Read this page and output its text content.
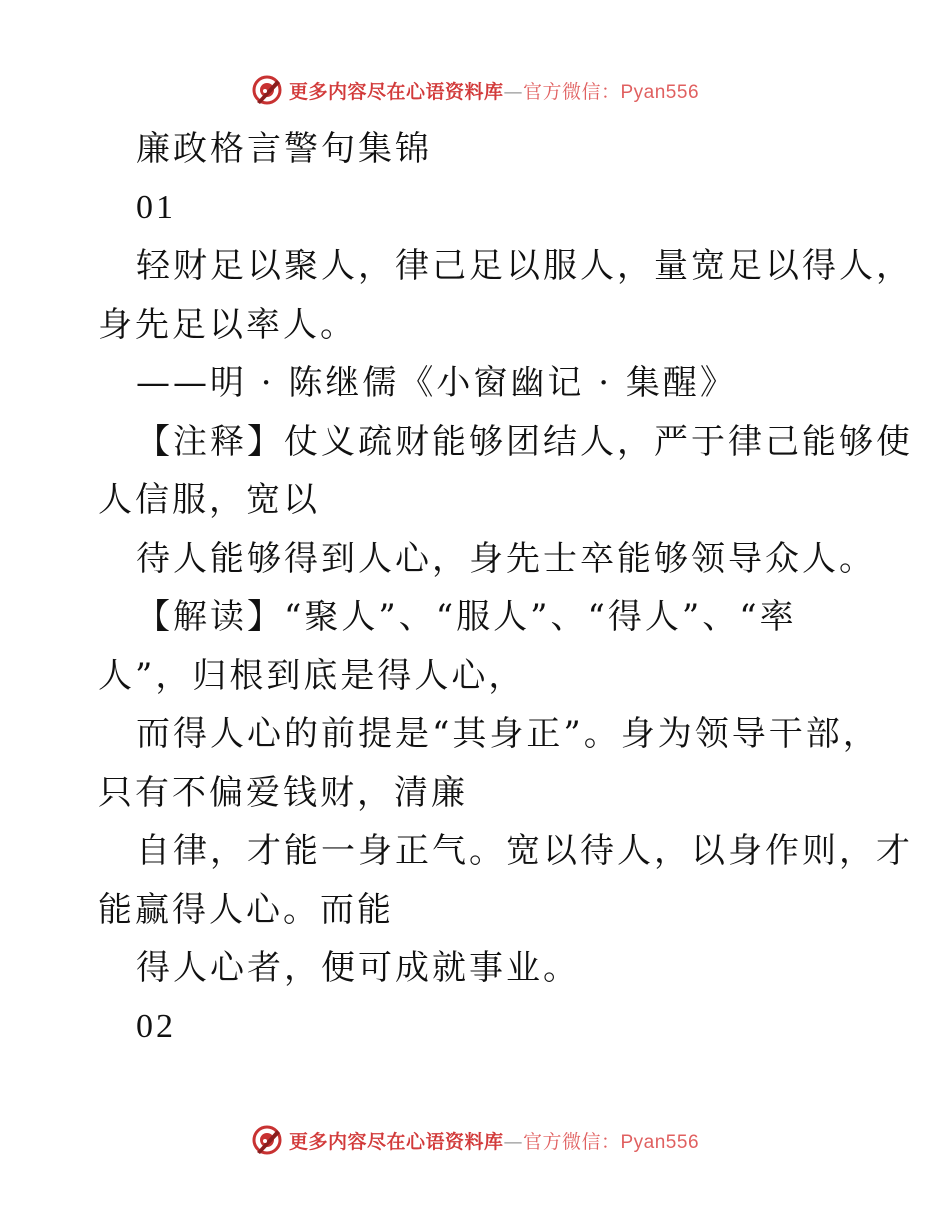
更多内容尽在心语资料库—官方微信：Pyan556
廉政格言警句集锦
01
轻财足以聚人，律己足以服人，量宽足以得人，
身先足以率人。
——明 · 陈继儒《小窗幽记 · 集醒》
【注释】仗义疏财能够团结人，严于律己能够使
人信服，宽以
待人能够得到人心，身先士卒能够领导众人。
【解读】“聚人”、“服人”、“得人”、“率
人”，归根到底是得人心，
而得人心的前提是“其身正”。身为领导干部，
只有不偏爱钱财，清廉
自律，才能一身正气。宽以待人，以身作则，才
能赢得人心。而能
得人心者，便可成就事业。
02
更多内容尽在心语资料库—官方微信：Pyan556
